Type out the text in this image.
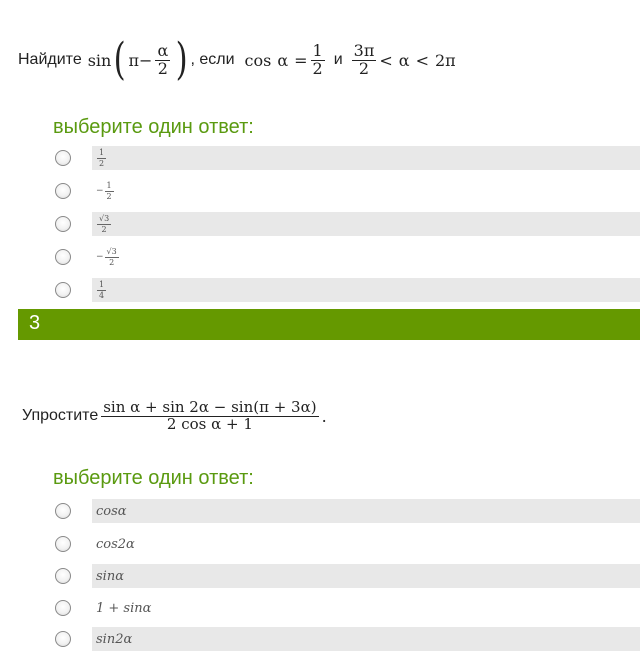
Найдите sin ( $\pi - \frac{\alpha}{2}$ ) , если $\cos \alpha = \frac{1}{2}$ и $\frac{3\pi}{2} < \alpha < 2\pi$
выберите один ответ:
$\frac{1}{2}$
− $\frac{1}{2}$
$\frac{√3}{2}$
− $\frac{√3}{2}$
$\frac{1}{4}$
3
Упростите $\frac{\text{sin α + sin 2α − sin(π + 3α)}}{\text{2 cos α + 1}}$ .
выберите один ответ:
cosα
cos2α
sinα
1 + sinα
sin2α
